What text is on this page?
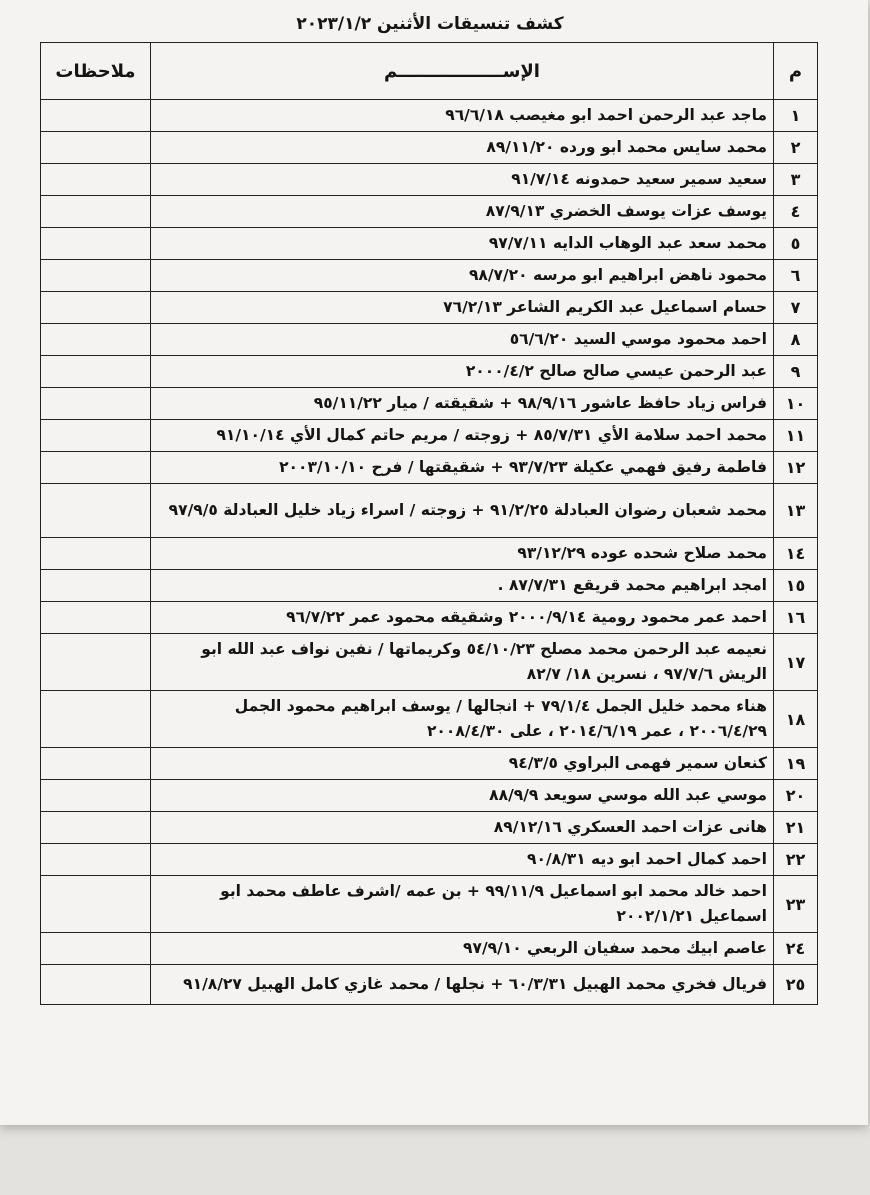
كشف تنسيقات الأثنين ٢٠٢٣/١/٢
م	الإســـــــــــــــــم	ملاحظات
١	ماجد عبد الرحمن احمد ابو مغيصب ٩٦/٦/١٨	
٢	محمد سايس محمد ابو ورده ٨٩/١١/٢٠	
٣	سعيد سمير سعيد حمدونه ٩١/٧/١٤	
٤	يوسف عزات يوسف الخضري ٨٧/٩/١٣	
٥	محمد سعد عبد الوهاب الدايه ٩٧/٧/١١	
٦	محمود ناهض ابراهيم ابو مرسه ٩٨/٧/٢٠	
٧	حسام اسماعيل عبد الكريم الشاعر ٧٦/٢/١٣	
٨	احمد محمود موسي السيد ٥٦/٦/٢٠	
٩	عبد الرحمن عيسي صالح صالح ٢٠٠٠/٤/٢	
١٠	فراس زياد حافظ عاشور ٩٨/٩/١٦ + شقيقته / ميار ٩٥/١١/٢٢	
١١	محمد احمد سلامة الأي ٨٥/٧/٣١ + زوجته / مريم حاتم كمال الأي ٩١/١٠/١٤	
١٢	فاطمة رفيق فهمي عكيلة ٩٣/٧/٢٣ + شقيقتها / فرح ٢٠٠٣/١٠/١٠	
١٣	محمد شعبان رضوان العبادلة ٩١/٢/٢٥ + زوجته / اسراء زياد خليل العبادلة ٩٧/٩/٥	
١٤	محمد صلاح شحده عوده ٩٣/١٢/٢٩	
١٥	امجد ابراهيم محمد قريقع ٨٧/٧/٣١ .	
١٦	احمد عمر محمود رومية ٢٠٠٠/٩/١٤ وشقيقه محمود عمر ٩٦/٧/٢٢	
١٧	نعيمه عبد الرحمن محمد مصلح ٥٤/١٠/٢٣ وكريماتها / نفين نواف عبد الله ابو الريش ٩٧/٧/٦ ، نسرين ١٨/ ٨٢/٧	
١٨	هناء محمد خليل الجمل ٧٩/١/٤ + انجالها / يوسف ابراهيم محمود الجمل ٢٠٠٦/٤/٢٩ ، عمر ٢٠١٤/٦/١٩ ، على ٢٠٠٨/٤/٣٠	
١٩	كنعان سمير فهمى البراوي ٩٤/٣/٥	
٢٠	موسي عبد الله موسي سويعد ٨٨/٩/٩	
٢١	هانى عزات احمد العسكري ٨٩/١٢/١٦	
٢٢	احمد كمال احمد ابو ديه ٩٠/٨/٣١	
٢٣	احمد خالد محمد ابو اسماعيل ٩٩/١١/٩ + بن عمه /اشرف عاطف محمد ابو اسماعيل ٢٠٠٢/١/٢١	
٢٤	عاصم ابيك محمد سفيان الربعي ٩٧/٩/١٠	
٢٥	فريال فخري محمد الهبيل ٦٠/٣/٣١ + نجلها / محمد غازي كامل الهبيل ٩١/٨/٢٧	
